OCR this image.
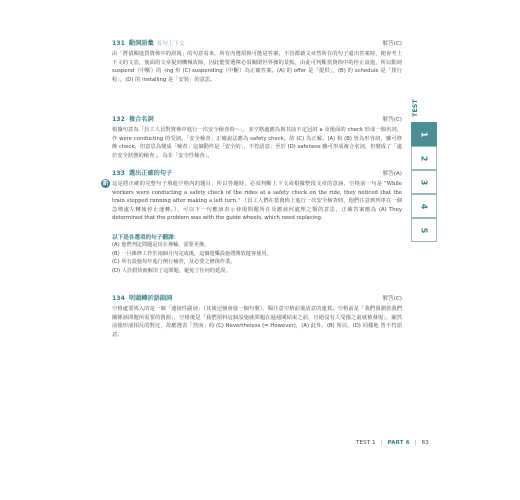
131 動詞語彙 長句上下文	解答(C)
由「將偵閱進貨資佈中的誤報」的句意看來，所有內選項與可能是答案，不管都被文章然所在的句子還出答案時，便會考上下文的文意，後面的文章提到機械故障，因此能要選擇必須關閉世界操的景點，由此可判斷當資佈中的停止設施，所以動詞 suspend（中斷）的 -ing 形 (C) suspending（中斷）為正確答案。(A) 的 offer 是「提供」，(B) 的 schedule 是「排行程」，(D) 的 installing 是「安裝」的意思。
132 複合名詞	解答(C)
根據句意為「員工人員對資佈中進行一次安全檢查時～」，並空格處應為與其前不定冠詞 a 及後面的 check 形成一個名詞，作 were conducting 的受詞。「安全檢查」正確說法應為 safety check，故 (C) 為正解。(A) 和 (B) 皆為形容詞，雖可修飾 check，但意思為變成「檢查」這個動作是「安全的」，不符語意；至於 (D) safeness 雖可形成複合名詞，但變成了「處於安全狀態的檢查」，為非「安全性檢查」。
新
133 選出正確的句子	解答(A)
這是將正確的完整句子填進空格內的題目，所以答題時，必須判斷上下文或根據整段文章的意涵，空格前一句是 "While workers were conducting a safety check of the rides at a safety check on the ride, they noticed that the train stopped running after making a left turn." （員工人們在當資佈上進行一次安全檢查時，他們注意到列車在一個急彎處左轉後停止運轉。），可以下一句應該表示發現問題所在及應該何處理之類的意思，正確答案應為 (A) They determined that the problem was with the guide wheels, which need replacing.
以下是各選項的句子翻譯：
(A) 他們判定問題是出在導輪，需要更換。
(B) 一旦維修工作於兩個月內完成後，這個遊樂設施將開放遊客使用。
(C) 所有設施每年進行例行檢查，及必要之修復作業。
(D) 人員假快就解決了這問題，避免了任何的延誤。
134 明頭轉折語副詞	解答(C)
空格處要填入的是一個「連接性副詞」（其後逗號會接一個句號），閱注意空格前後語意的連貫。空格前是「我們預測當我們關係該問題所需要的資源」，空格後是「我們預料這個設施就問題在過週間結束之前，且絕沒有人受傷之前就被發現」，顯然前後形成相反的對比，故應選表「然而」的 (C) Nevertheless (= However)，(A) 此外、(B) 所以、(D) 同樣地 皆不符語意。
TEST
1
2
3
4
5
TEST 1 | PART 6 | 83
